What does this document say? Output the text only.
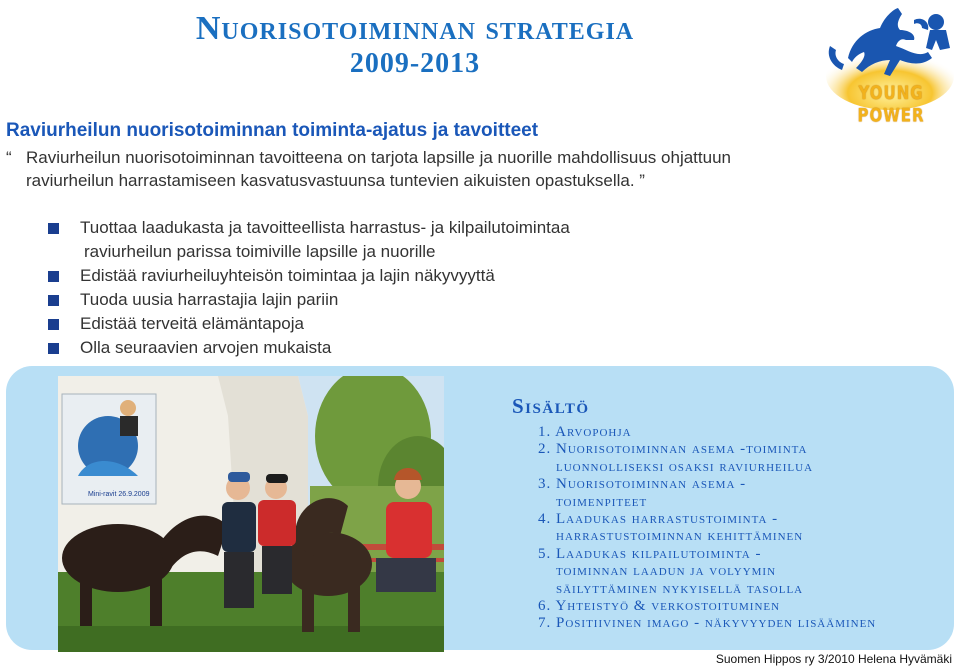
Nuorisotoiminnan strategia
2009-2013
YOUNG POWER
Raviurheilun nuorisotoiminnan toiminta-ajatus ja tavoitteet
“ Raviurheilun nuorisotoiminnan tavoitteena on tarjota lapsille ja nuorille mahdollisuus ohjattuun

raviurheilun harrastamiseen kasvatusvastuunsa tuntevien aikuisten opastuksella. ”

Tuottaa laadukasta ja tavoitteellista harrastus- ja kilpailutoimintaa
raviurheilun parissa toimiville lapsille ja nuorille
Edistää raviurheiluyhteisön toimintaa ja lajin näkyvyyttä
Tuoda uusia harrastajia lajin pariin
Edistää terveitä elämäntapoja
Olla seuraavien arvojen mukaista
Mini-ravit 26.9.2009
Sisältö
1. Arvopohja
2. Nuorisotoiminnan asema -toiminta
luonnolliseksi osaksi raviurheilua
3. Nuorisotoiminnan asema -
toimenpiteet
4. Laadukas harrastustoiminta -
harrastustoiminnan kehittäminen
5. Laadukas kilpailutoiminta -
toiminnan laadun ja volyymin
säilyttäminen nykyisellä tasolla
6. Yhteistyö & verkostoituminen
7. Positiivinen imago - näkyvyyden lisääminen
Suomen Hippos ry 3/2010 Helena Hyvämäki
